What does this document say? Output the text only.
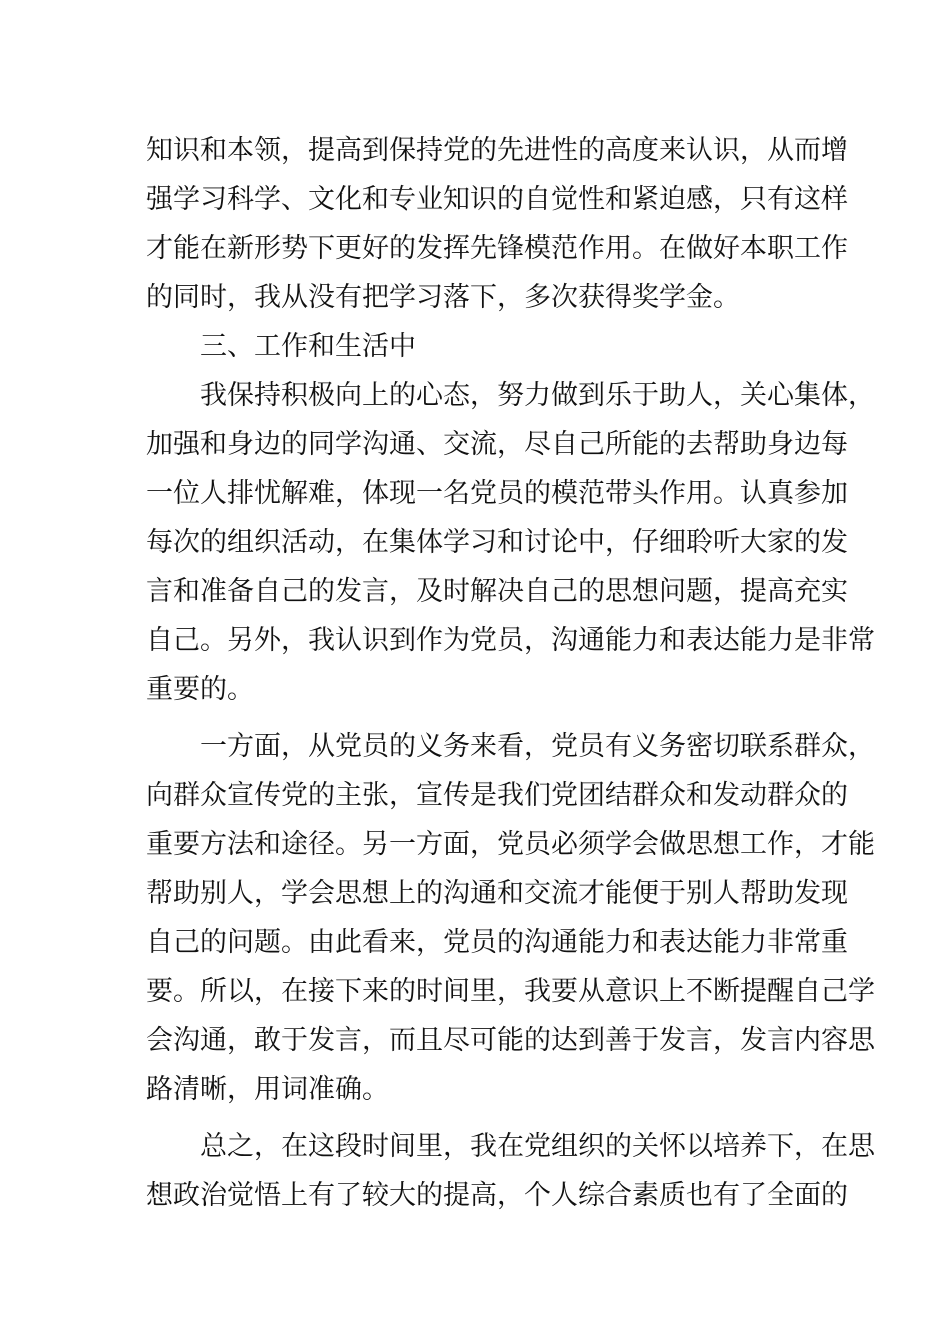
知识和本领，提高到保持党的先进性的高度来认识，从而增
强学习科学、文化和专业知识的自觉性和紧迫感，只有这样
才能在新形势下更好的发挥先锋模范作用。在做好本职工作
的同时，我从没有把学习落下，多次获得奖学金。
三、工作和生活中
我保持积极向上的心态，努力做到乐于助人，关心集体，
加强和身边的同学沟通、交流，尽自己所能的去帮助身边每
一位人排忧解难，体现一名党员的模范带头作用。认真参加
每次的组织活动，在集体学习和讨论中，仔细聆听大家的发
言和准备自己的发言，及时解决自己的思想问题，提高充实
自己。另外，我认识到作为党员，沟通能力和表达能力是非常
重要的。
一方面，从党员的义务来看，党员有义务密切联系群众，
向群众宣传党的主张，宣传是我们党团结群众和发动群众的
重要方法和途径。另一方面，党员必须学会做思想工作，才能
帮助别人，学会思想上的沟通和交流才能便于别人帮助发现
自己的问题。由此看来，党员的沟通能力和表达能力非常重
要。所以，在接下来的时间里，我要从意识上不断提醒自己学
会沟通，敢于发言，而且尽可能的达到善于发言，发言内容思
路清晰，用词准确。
总之，在这段时间里，我在党组织的关怀以培养下，在思
想政治觉悟上有了较大的提高，个人综合素质也有了全面的
